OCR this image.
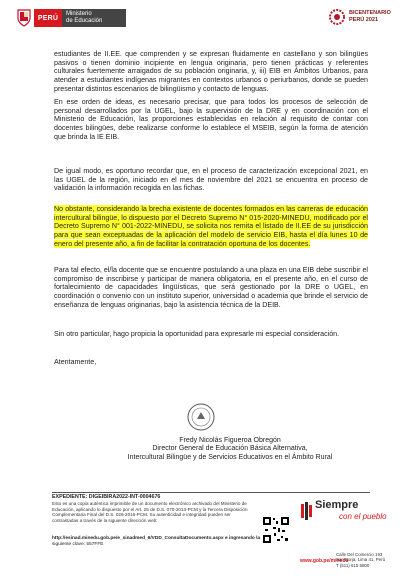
PERÚ
Ministerio
de Educación
BICENTENARIO
PERÚ 2021
estudiantes de II.EE. que comprenden y se expresan fluidamente en castellano y son bilingües pasivos o tienen dominio incipiente en lengua originaria, pero tienen prácticas y referentes culturales fuertemente arraigados de su población originaria, y, iii) EIB en Ámbitos Urbanos, para atender a estudiantes indígenas migrantes en contextos urbanos o periurbanos, donde se pueden presentar distintos escenarios de bilingüismo y contacto de lenguas.
En ese orden de ideas, es necesario precisar, que para todos los procesos de selección de personal desarrollados por la UGEL, bajo la supervisión de la DRE y en coordinación con el Ministerio de Educación, las proporciones establecidas en relación al requisito de contar con docentes bilingües, debe realizarse conforme lo establece el MSEIB, según la forma de atención que brinda la IE EIB.
De igual modo, es oportuno recordar que, en el proceso de caracterización excepcional 2021, en las UGEL de la región, iniciado en el mes de noviembre del 2021 se encuentra en proceso de validación la información recogida en las fichas.
No obstante, considerando la brecha existente de docentes formados en las carreras de educación intercultural bilingüe, lo dispuesto por el Decreto Supremo N° 015-2020-MINEDU, modificado por el Decreto Supremo N° 001-2022-MINEDU, se solicita nos remita el listado de II.EE de su jurisdicción para que sean exceptuadas de la aplicación del modelo de servicio EIB, hasta el día lunes 10 de enero del presente año, a fin de facilitar la contratación oportuna de los docentes.
Para tal efecto, el/la docente que se encuentre postulando a una plaza en una EIB debe suscribir el compromiso de inscribirse y participar de manera obligatoria, en el presente año, en el curso de fortalecimiento de capacidades lingüísticas, que será gestionado por la DRE o UGEL, en coordinación o convenio con un instituto superior, universidad o academia que brinde el servicio de enseñanza de lenguas originarias, bajo la asistencia técnica de la DEIB.
Sin otro particular, hago propicia la oportunidad para expresarle mi especial consideración.
Atentamente,
Fredy Nicolás Figueroa Obregón
Director General de Educación Básica Alternativa,
Intercultural Bilingüe y de Servicios Educativos en el Ámbito Rural
EXPEDIENTE: DIGEIBIRA2022-INT-0004676
Esto es una copia auténtica imprimible de un documento electrónico archivado del Ministerio de Educación, aplicando lo dispuesto por el Art. 25 de D.S. 070-2013-PCM y la Tercera Disposición Complementaria Final del D.S. 026-2016-PCM. Su autenticidad e integridad pueden ser contrastadas a través de la siguiente dirección web:
http://esinad.minedu.gob.pe/e_sinadmed_6/VDD_ConsultaDocumento.aspx e ingresando la
siguiente clave: 557FFE
Siempre
con el pueblo
www.gob.pe/minedu
Calle Del Comercio 193
San Borja, Lima 41, Perú
T (511) 615 5800
